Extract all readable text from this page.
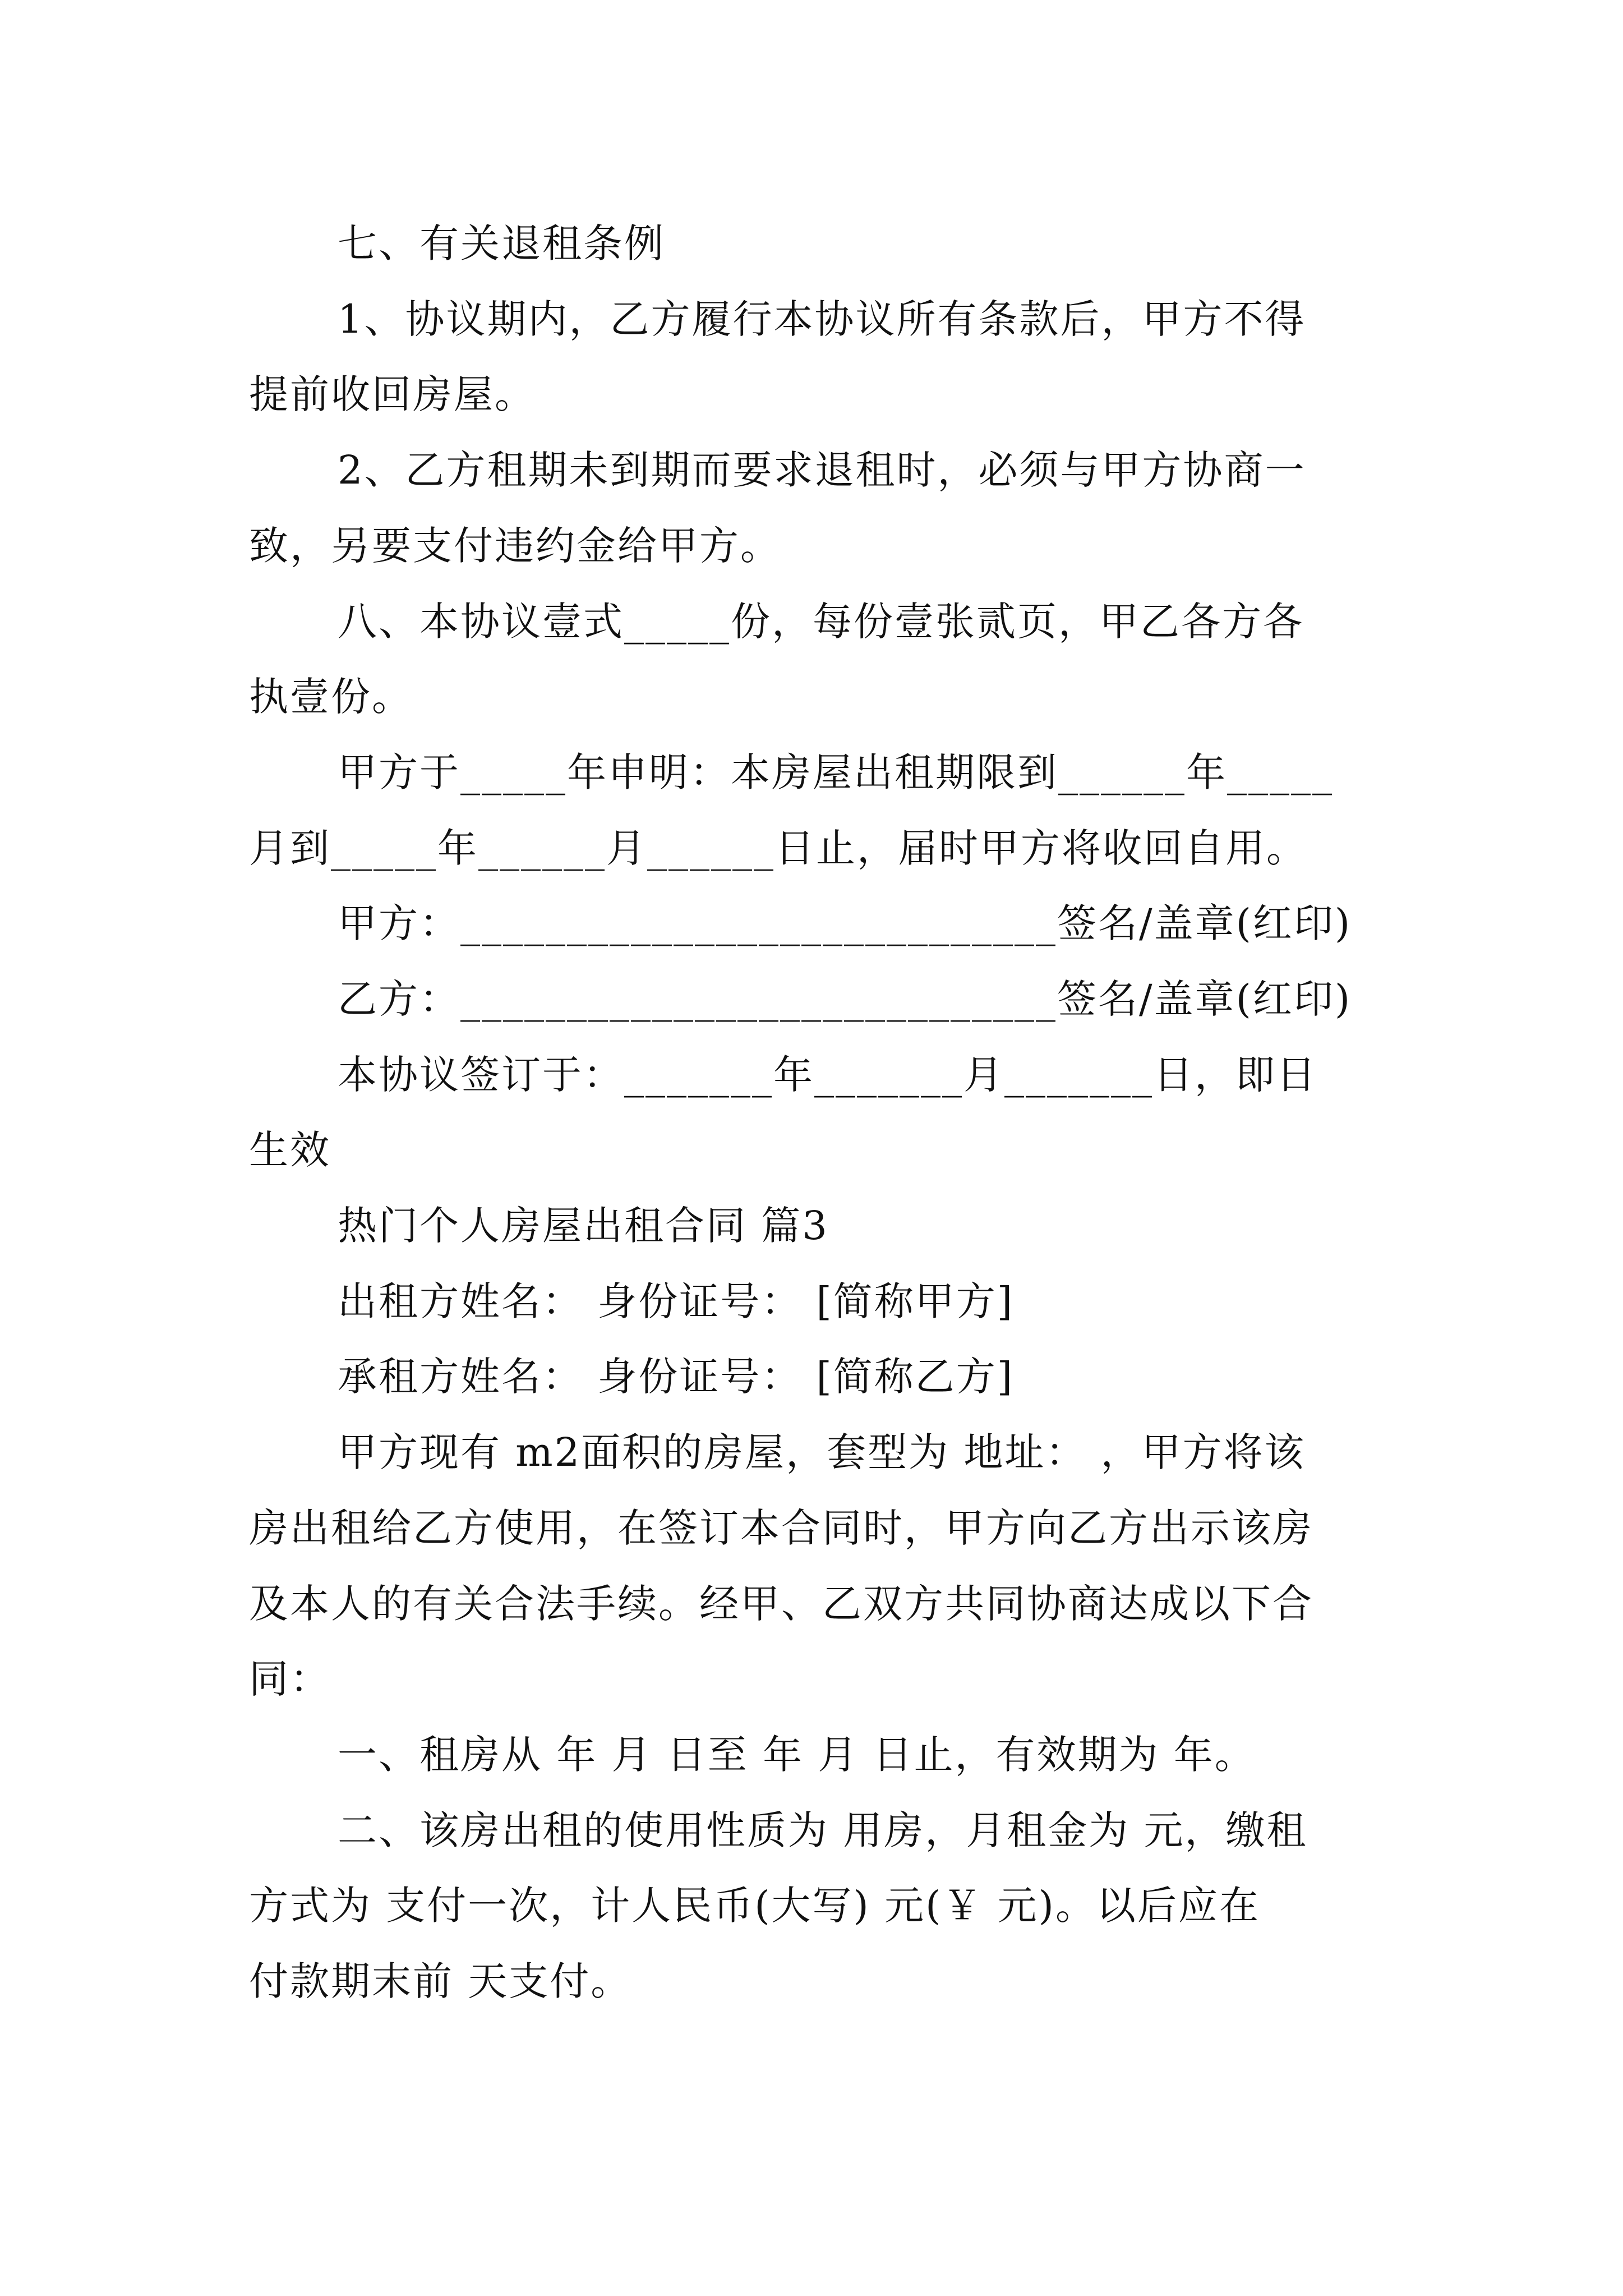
七、有关退租条例
1、协议期内，乙方履行本协议所有条款后，甲方不得
提前收回房屋。
2、乙方租期未到期而要求退租时，必须与甲方协商一
致，另要支付违约金给甲方。
八、本协议壹式_____份，每份壹张贰页，甲乙各方各
执壹份。
甲方于_____年申明：本房屋出租期限到______年_____
月到_____年______月______日止，届时甲方将收回自用。
甲方：____________________________签名/盖章(红印)
乙方：____________________________签名/盖章(红印)
本协议签订于：_______年_______月_______日，即日
生效
热门个人房屋出租合同 篇3
出租方姓名： 身份证号： [简称甲方]
承租方姓名： 身份证号： [简称乙方]
甲方现有 m2面积的房屋，套型为 地址： ，甲方将该
房出租给乙方使用，在签订本合同时，甲方向乙方出示该房
及本人的有关合法手续。经甲、乙双方共同协商达成以下合
同：
一、租房从 年 月 日至 年 月 日止，有效期为 年。
二、该房出租的使用性质为 用房，月租金为 元，缴租
方式为 支付一次，计人民币(大写) 元(￥ 元)。以后应在
付款期末前 天支付。
